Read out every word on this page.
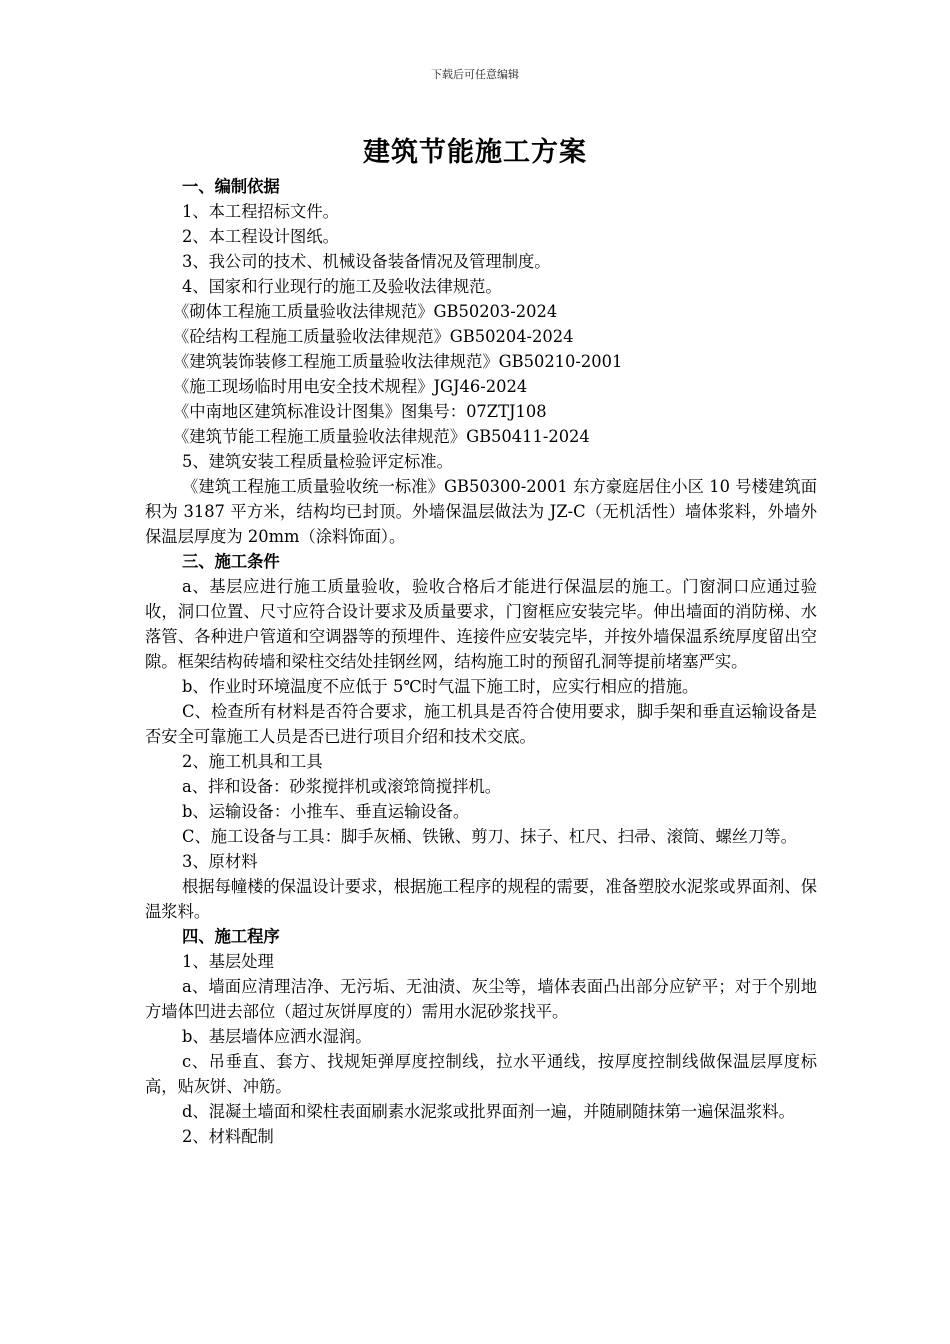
下载后可任意编辑
建筑节能施工方案
一、编制依据
1、本工程招标文件。
2、本工程设计图纸。
3、我公司的技术、机械设备装备情况及管理制度。
4、国家和行业现行的施工及验收法律规范。
《砌体工程施工质量验收法律规范》GB50203-2024
《砼结构工程施工质量验收法律规范》GB50204-2024
《建筑装饰装修工程施工质量验收法律规范》GB50210-2001
《施工现场临时用电安全技术规程》JGJ46-2024
《中南地区建筑标准设计图集》图集号：07ZTJ108
《建筑节能工程施工质量验收法律规范》GB50411-2024
5、建筑安装工程质量检验评定标准。

《建筑工程施工质量验收统一标准》GB50300-2001 东方豪庭居住小区 10 号楼建筑面积为 3187 平方米，结构均已封顶。外墙保温层做法为 JZ-C（无机活性）墙体浆料，外墙外保温层厚度为 20mm（涂料饰面）。

三、施工条件

a、基层应进行施工质量验收，验收合格后才能进行保温层的施工。门窗洞口应通过验收，洞口位置、尺寸应符合设计要求及质量要求，门窗框应安装完毕。伸出墙面的消防梯、水落管、各种进户管道和空调器等的预埋件、连接件应安装完毕，并按外墙保温系统厚度留出空隙。框架结构砖墙和梁柱交结处挂钢丝网，结构施工时的预留孔洞等提前堵塞严实。

b、作业时环境温度不应低于 5℃时气温下施工时，应实行相应的措施。

C、检查所有材料是否符合要求，施工机具是否符合使用要求，脚手架和垂直运输设备是否安全可靠施工人员是否已进行项目介绍和技术交底。

2、施工机具和工具
a、拌和设备：砂浆搅拌机或滚筇筒搅拌机。
b、运输设备：小推车、垂直运输设备。

C、施工设备与工具：脚手灰桶、铁锹、剪刀、抹子、杠尺、扫帚、滚筒、螺丝刀等。

3、原材料

根据每幢楼的保温设计要求，根据施工程序的规程的需要，准备塑胶水泥浆或界面剂、保温浆料。

四、施工程序
1、基层处理

a、墙面应清理洁净、无污垢、无油渍、灰尘等，墙体表面凸出部分应铲平；对于个别地方墙体凹进去部位（超过灰饼厚度的）需用水泥砂浆找平。

b、基层墙体应洒水湿润。

c、吊垂直、套方、找规矩弹厚度控制线，拉水平通线，按厚度控制线做保温层厚度标高，贴灰饼、冲筋。

d、混凝土墙面和梁柱表面刷素水泥浆或批界面剂一遍，并随刷随抹第一遍保温浆料。

2、材料配制
